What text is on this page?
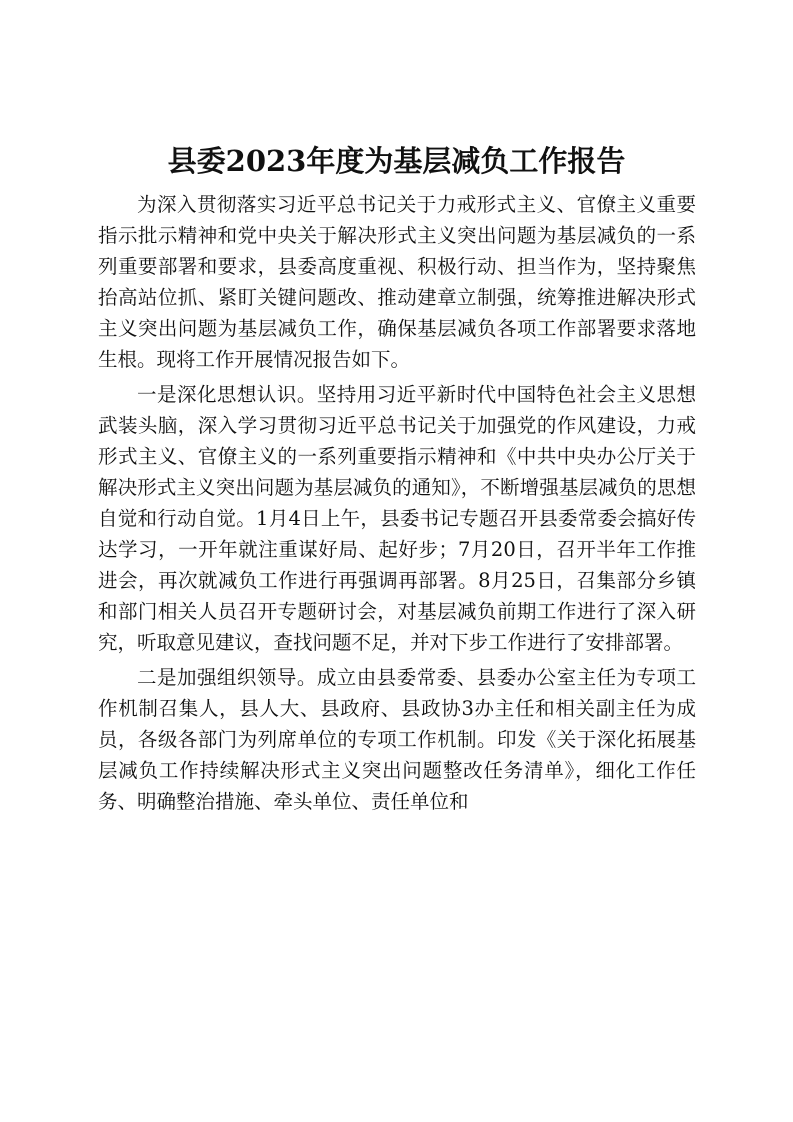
县委2023年度为基层减负工作报告

为深入贯彻落实习近平总书记关于力戒形式主义、官僚主义重要指示批示精神和党中央关于解决形式主义突出问题为基层减负的一系列重要部署和要求，县委高度重视、积极行动、担当作为，坚持聚焦抬高站位抓、紧盯关键问题改、推动建章立制强，统筹推进解决形式主义突出问题为基层减负工作，确保基层减负各项工作部署要求落地生根。现将工作开展情况报告如下。

一是深化思想认识。坚持用习近平新时代中国特色社会主义思想武装头脑，深入学习贯彻习近平总书记关于加强党的作风建设，力戒形式主义、官僚主义的一系列重要指示精神和《中共中央办公厅关于解决形式主义突出问题为基层减负的通知》，不断增强基层减负的思想自觉和行动自觉。1月4日上午，县委书记专题召开县委常委会搞好传达学习，一开年就注重谋好局、起好步；7月20日，召开半年工作推进会，再次就减负工作进行再强调再部署。8月25日，召集部分乡镇和部门相关人员召开专题研讨会，对基层减负前期工作进行了深入研究，听取意见建议，查找问题不足，并对下步工作进行了安排部署。

二是加强组织领导。成立由县委常委、县委办公室主任为专项工作机制召集人，县人大、县政府、县政协3办主任和相关副主任为成员，各级各部门为列席单位的专项工作机制。印发《关于深化拓展基层减负工作持续解决形式主义突出问题整改任务清单》，细化工作任务、明确整治措施、牵头单位、责任单位和
